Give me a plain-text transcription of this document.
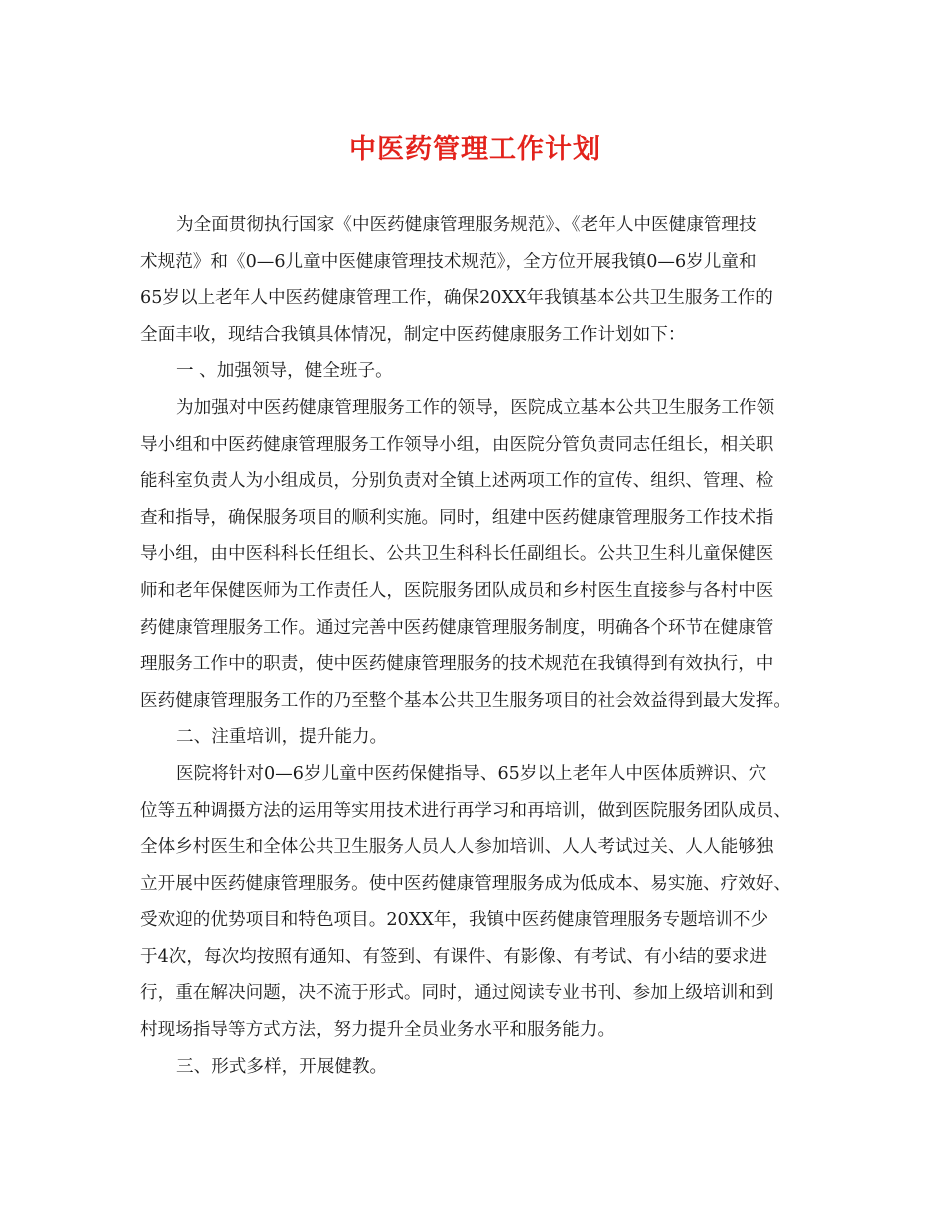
中医药管理工作计划
为全面贯彻执行国家《中医药健康管理服务规范》、《老年人中医健康管理技
术规范》和《0—6儿童中医健康管理技术规范》，全方位开展我镇0—6岁儿童和
65岁以上老年人中医药健康管理工作，确保20XX年我镇基本公共卫生服务工作的
全面丰收，现结合我镇具体情况，制定中医药健康服务工作计划如下：
一 、加强领导，健全班子。
为加强对中医药健康管理服务工作的领导，医院成立基本公共卫生服务工作领
导小组和中医药健康管理服务工作领导小组，由医院分管负责同志任组长，相关职
能科室负责人为小组成员，分别负责对全镇上述两项工作的宣传、组织、管理、检
查和指导，确保服务项目的顺利实施。同时，组建中医药健康管理服务工作技术指
导小组，由中医科科长任组长、公共卫生科科长任副组长。公共卫生科儿童保健医
师和老年保健医师为工作责任人，医院服务团队成员和乡村医生直接参与各村中医
药健康管理服务工作。通过完善中医药健康管理服务制度，明确各个环节在健康管
理服务工作中的职责，使中医药健康管理服务的技术规范在我镇得到有效执行，中
医药健康管理服务工作的乃至整个基本公共卫生服务项目的社会效益得到最大发挥。
二、注重培训，提升能力。
医院将针对0—6岁儿童中医药保健指导、65岁以上老年人中医体质辨识、穴
位等五种调摄方法的运用等实用技术进行再学习和再培训，做到医院服务团队成员、
全体乡村医生和全体公共卫生服务人员人人参加培训、人人考试过关、人人能够独
立开展中医药健康管理服务。使中医药健康管理服务成为低成本、易实施、疗效好、
受欢迎的优势项目和特色项目。20XX年，我镇中医药健康管理服务专题培训不少
于4次，每次均按照有通知、有签到、有课件、有影像、有考试、有小结的要求进
行，重在解决问题，决不流于形式。同时，通过阅读专业书刊、参加上级培训和到
村现场指导等方式方法，努力提升全员业务水平和服务能力。
三、形式多样，开展健教。
